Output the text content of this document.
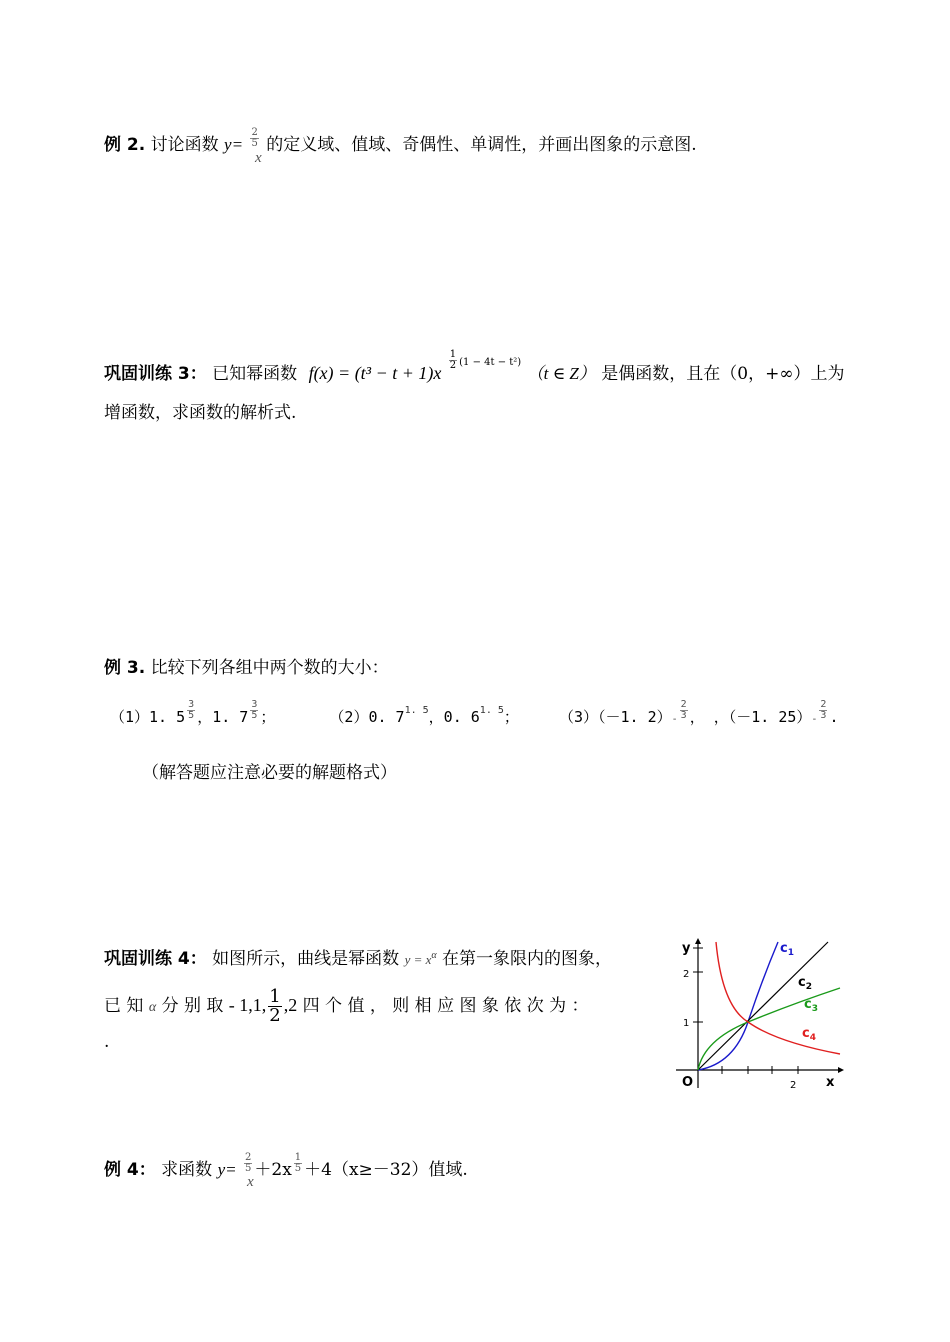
例 2. 讨论函数 $y= \frac{2}{5}$ 的定义域、值域、奇偶性、单调性，并画出图象的示意图.
x
巩固训练 3： 已知幂函数 f(x) = (t³ − t + 1)x
$\frac{1}{2} (1 - 4t - t^2)$ （t ∈ Z） 是偶函数，且在（0，+∞）上为
增函数，求函数的解析式.
例 3. 比较下列各组中两个数的大小：
（1）1. $5 \frac{3}{5}$ ，1. $7 \frac{3}{5}$ ；	（2）0. $7^{1. 5}$，0. $6^{1. 5}$；	（3）（－1. $2)- \frac{2}{3}$ ， ，（－1. $25)- \frac{2}{3}$ .
（解答题应注意必要的解题格式）
巩固训练 4： 如图所示，曲线是幂函数 $y = x^\alpha$ 在第一象限内的图象，
已 知 α 分 别 取 - 1,1, $\frac{1}{2} ,2$ 四 个 值 ， 则 相 应 图 象 依 次 为 ：
.
y
x
O
2
1
2
$c_1$
$c_2$
$c_3$
$c_4$
例 4： 求函数 $y= \frac{2}{5} +2x \frac{1}{5} +4(x\ge-32)$值域.
x
